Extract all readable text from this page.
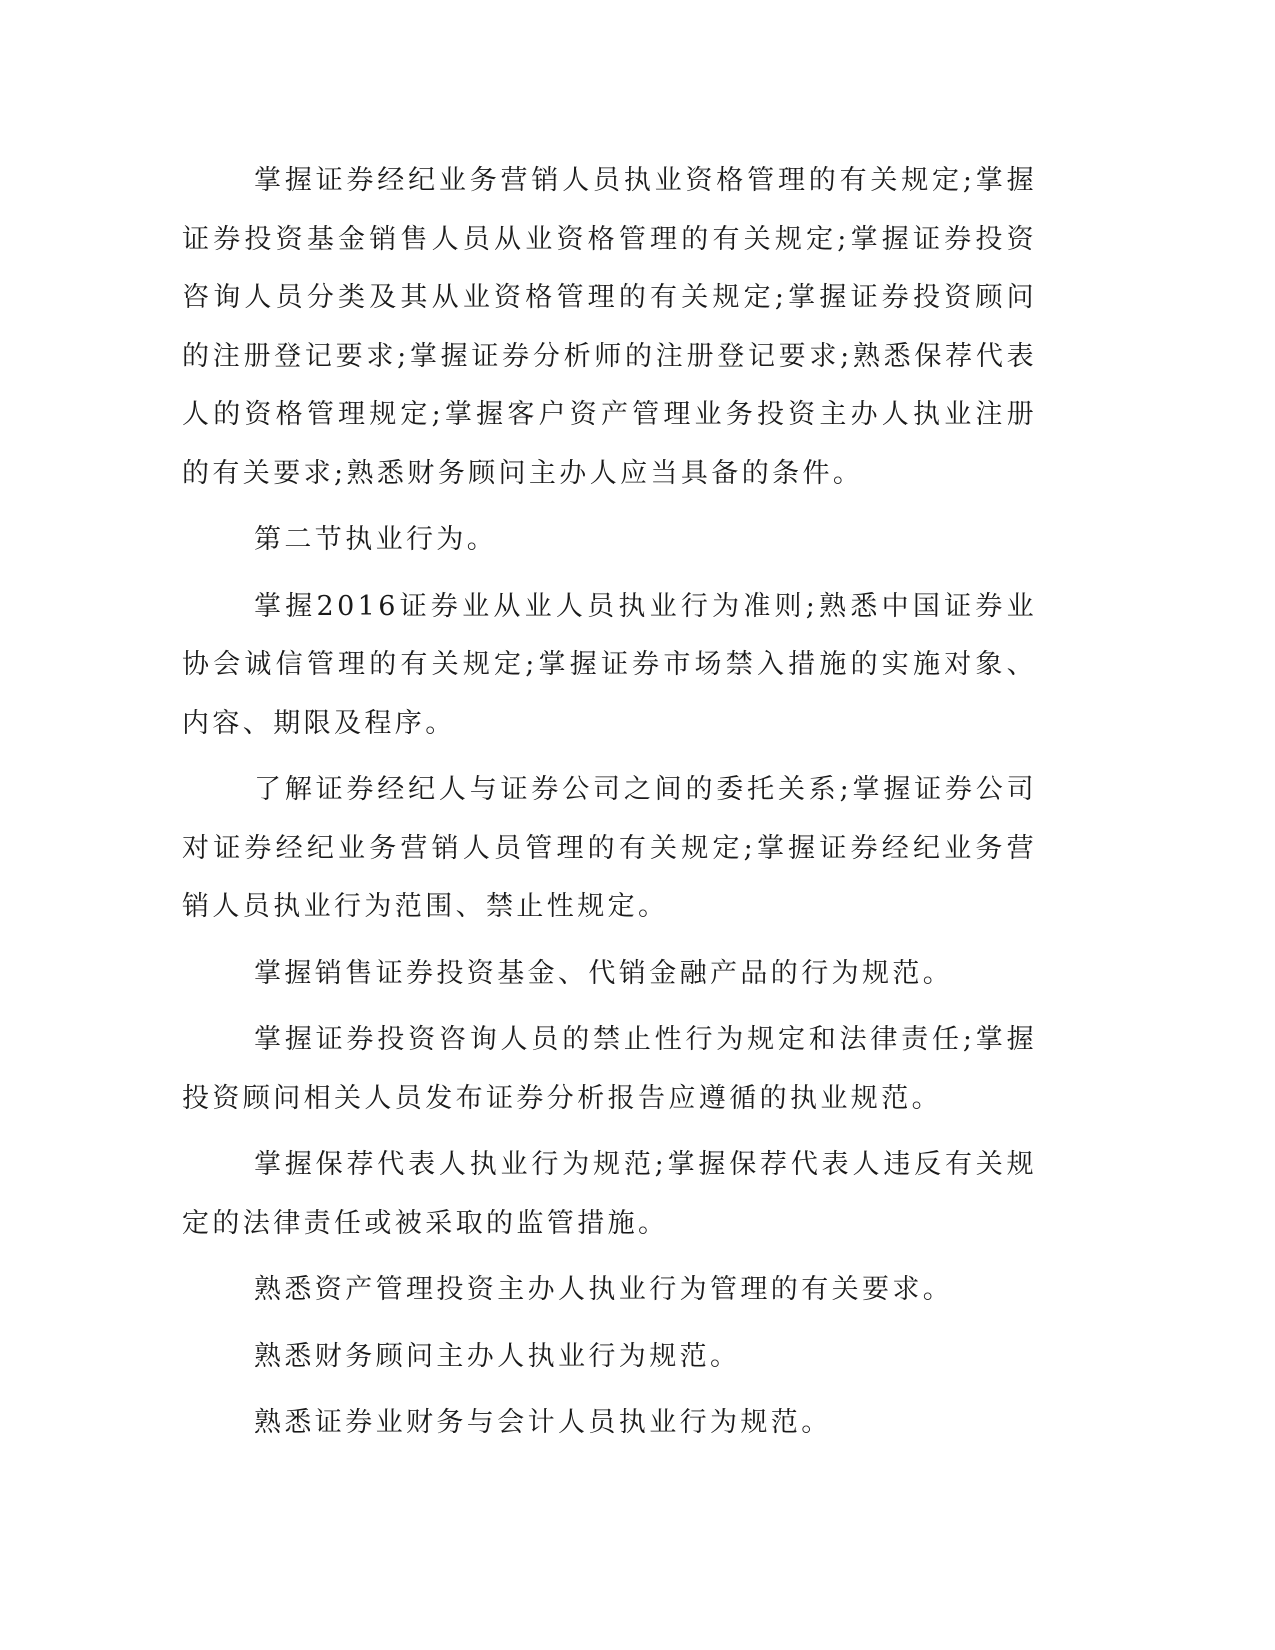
掌握证券经纪业务营销人员执业资格管理的有关规定;掌握证券投资基金销售人员从业资格管理的有关规定;掌握证券投资咨询人员分类及其从业资格管理的有关规定;掌握证券投资顾问的注册登记要求;掌握证券分析师的注册登记要求;熟悉保荐代表人的资格管理规定;掌握客户资产管理业务投资主办人执业注册的有关要求;熟悉财务顾问主办人应当具备的条件。

第二节执业行为。

掌握2016证券业从业人员执业行为准则;熟悉中国证券业协会诚信管理的有关规定;掌握证券市场禁入措施的实施对象、内容、期限及程序。

了解证券经纪人与证券公司之间的委托关系;掌握证券公司对证券经纪业务营销人员管理的有关规定;掌握证券经纪业务营销人员执业行为范围、禁止性规定。

掌握销售证券投资基金、代销金融产品的行为规范。

掌握证券投资咨询人员的禁止性行为规定和法律责任;掌握投资顾问相关人员发布证券分析报告应遵循的执业规范。

掌握保荐代表人执业行为规范;掌握保荐代表人违反有关规定的法律责任或被采取的监管措施。

熟悉资产管理投资主办人执业行为管理的有关要求。

熟悉财务顾问主办人执业行为规范。

熟悉证券业财务与会计人员执业行为规范。
